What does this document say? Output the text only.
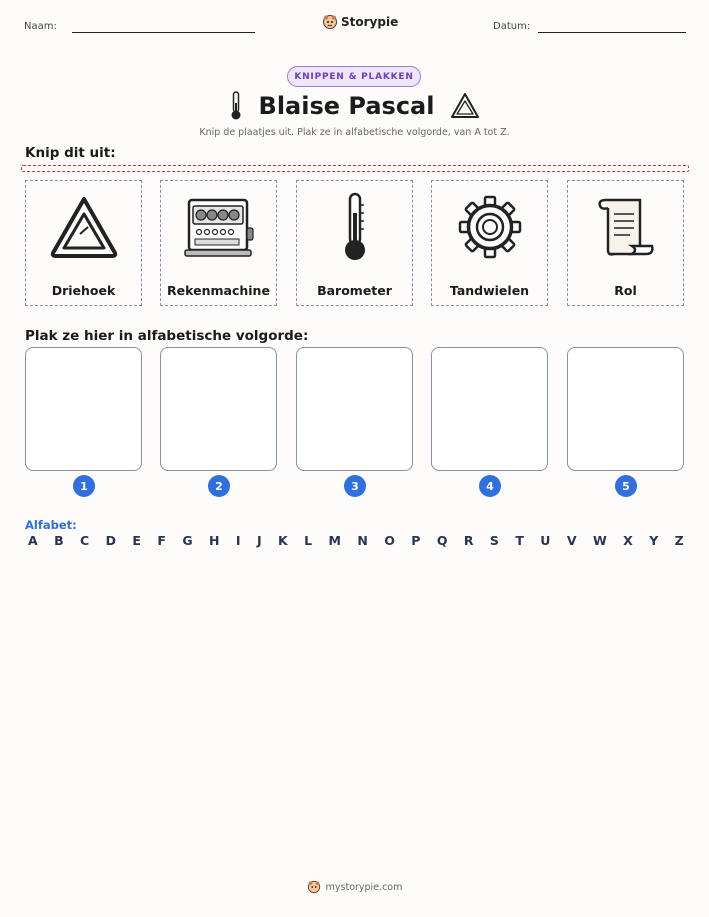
Naam:	Storypie	Datum:
KNIPPEN & PLAKKEN
Blaise Pascal
Knip de plaatjes uit. Plak ze in alfabetische volgorde, van A tot Z.
Knip dit uit:
Driehoek	Rekenmachine	Barometer	Tandwielen	Rol
Plak ze hier in alfabetische volgorde:
1	2	3	4	5
Alfabet:
A B C D E F G H I J K L M N O P Q R S T U V W X Y Z
mystorypie.com
